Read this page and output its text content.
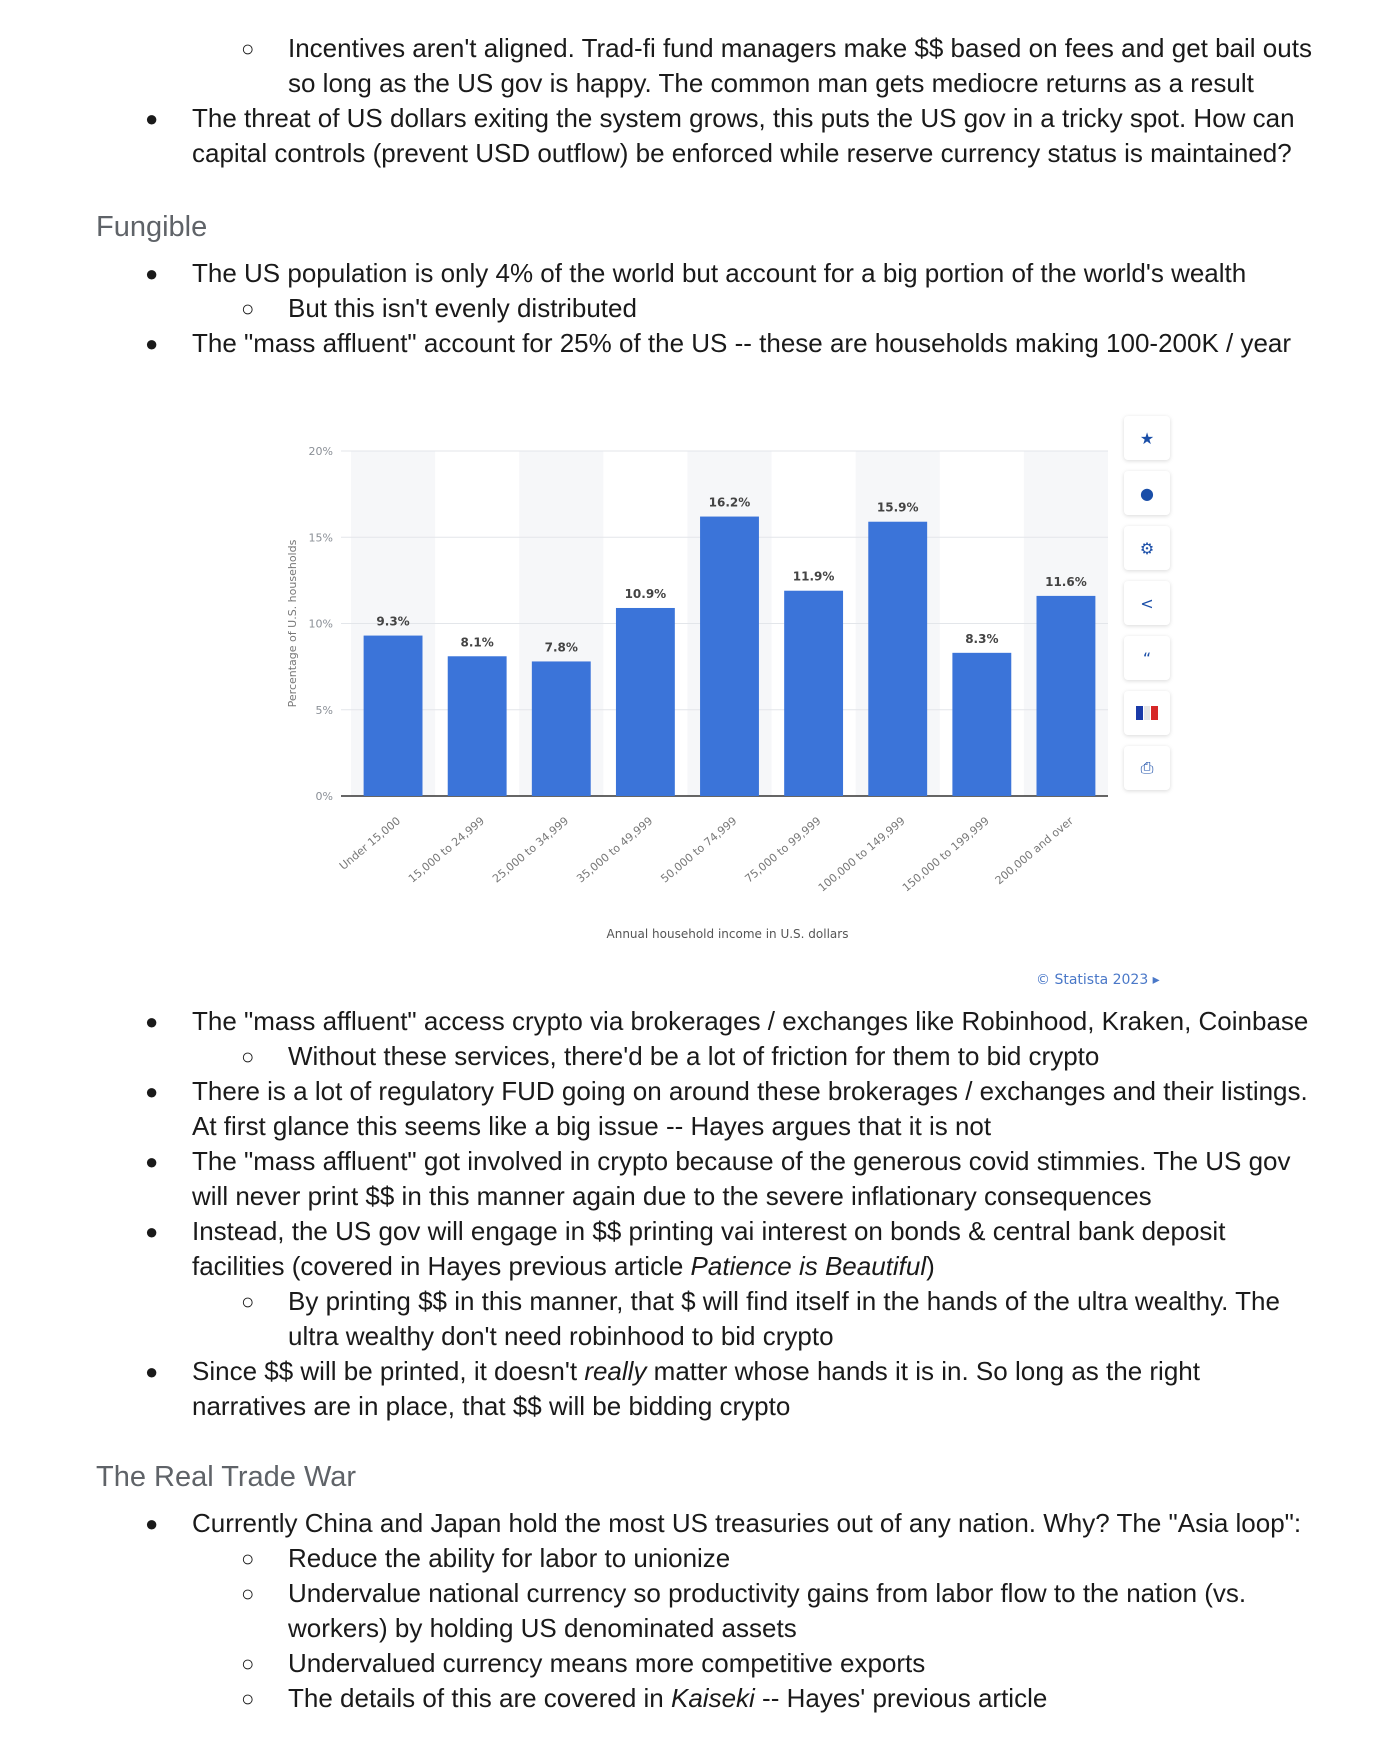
○ Incentives aren't aligned. Trad-fi fund managers make $$ based on fees and get bail outs
so long as the US gov is happy. The common man gets mediocre returns as a result
● The threat of US dollars exiting the system grows, this puts the US gov in a tricky spot. How can
capital controls (prevent USD outflow) be enforced while reserve currency status is maintained?
Fungible
● The US population is only 4% of the world but account for a big portion of the world's wealth
○ But this isn't evenly distributed
● The "mass affluent" account for 25% of the US -- these are households making 100-200K / year
0%
5%
10%
15%
20%
9.3%
Under 15,000
8.1%
15,000 to 24,999
7.8%
25,000 to 34,999
10.9%
35,000 to 49,999
16.2%
50,000 to 74,999
11.9%
75,000 to 99,999
15.9%
100,000 to 149,999
8.3%
150,000 to 199,999
11.6%
200,000 and over
Percentage of U.S. households
Annual household income in U.S. dollars
★
●
⚙
<
“
⎙
© Statista 2023 ▸
● The "mass affluent" access crypto via brokerages / exchanges like Robinhood, Kraken, Coinbase
○ Without these services, there'd be a lot of friction for them to bid crypto
● There is a lot of regulatory FUD going on around these brokerages / exchanges and their listings.
At first glance this seems like a big issue -- Hayes argues that it is not
● The "mass affluent" got involved in crypto because of the generous covid stimmies. The US gov
will never print $$ in this manner again due to the severe inflationary consequences
● Instead, the US gov will engage in $$ printing vai interest on bonds & central bank deposit
facilities (covered in Hayes previous article Patience is Beautiful)
○ By printing $$ in this manner, that $ will find itself in the hands of the ultra wealthy. The
ultra wealthy don't need robinhood to bid crypto
● Since $$ will be printed, it doesn't really matter whose hands it is in. So long as the right
narratives are in place, that $$ will be bidding crypto
The Real Trade War
● Currently China and Japan hold the most US treasuries out of any nation. Why? The "Asia loop":
○ Reduce the ability for labor to unionize
○ Undervalue national currency so productivity gains from labor flow to the nation (vs.
workers) by holding US denominated assets
○ Undervalued currency means more competitive exports
○ The details of this are covered in Kaiseki -- Hayes' previous article
